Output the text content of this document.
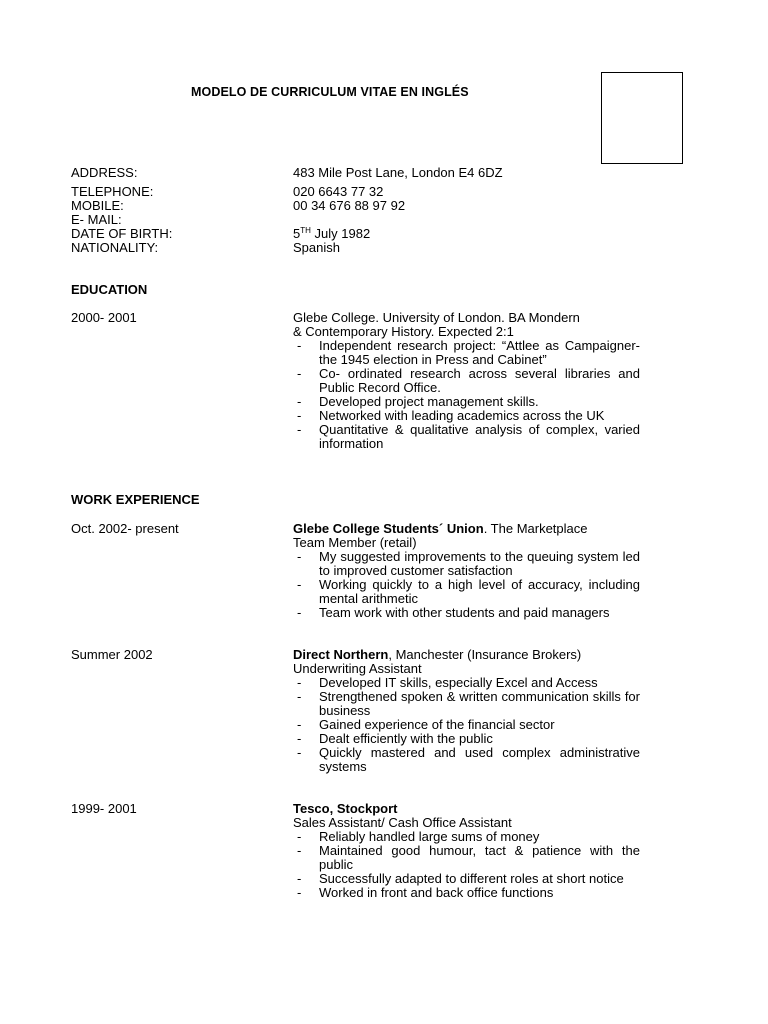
MODELO DE CURRICULUM VITAE EN INGLÉS
ADDRESS:	483 Mile Post Lane, London E4 6DZ
TELEPHONE:	020 6643 77 32
MOBILE:	00 34 676 88 97 92
E- MAIL:
DATE OF BIRTH:	5TH July 1982
NATIONALITY:	Spanish
EDUCATION
2000- 2001	Glebe College. University of London. BA Mondern
& Contemporary History. Expected 2:1
- Independent research project: “Attlee as Campaigner- the 1945 election in Press and Cabinet”
- Co- ordinated research across several libraries and Public Record Office.
- Developed project management skills.
- Networked with leading academics across the UK
- Quantitative & qualitative analysis of complex, varied information
WORK EXPERIENCE
Oct. 2002- present	Glebe College Students´ Union. The Marketplace
Team Member (retail)
- My suggested improvements to the queuing system led to improved customer satisfaction
- Working quickly to a high level of accuracy, including mental arithmetic
- Team work with other students and paid managers
Summer 2002	Direct Northern, Manchester (Insurance Brokers)
Underwriting Assistant
- Developed IT skills, especially Excel and Access
- Strengthened spoken & written communication skills for business
- Gained experience of the financial sector
- Dealt efficiently with the public
- Quickly mastered and used complex administrative systems
1999- 2001	Tesco, Stockport
Sales Assistant/ Cash Office Assistant
- Reliably handled large sums of money
- Maintained good humour, tact & patience with the public
- Successfully adapted to different roles at short notice
- Worked in front and back office functions
